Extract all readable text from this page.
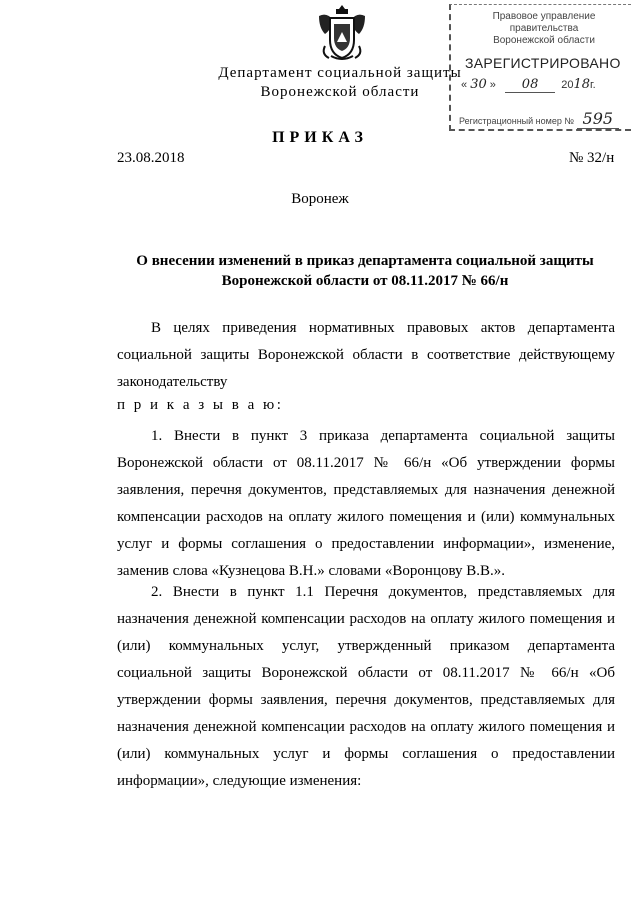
Департамент социальной защиты
Воронежской области
Правовое управление правительства
Воронежской области
ЗАРЕГИСТРИРОВАНО
« 30 »   08 2018г.
Регистрационный номер № 595
ПРИКАЗ
23.08.2018	№ 32/н
Воронеж
О внесении изменений в приказ департамента социальной защиты Воронежской области от 08.11.2017 № 66/н
В целях приведения нормативных правовых актов департамента социальной защиты Воронежской области в соответствие действующему законодательству
п р и к а з ы в а ю:
1. Внести в пункт 3 приказа департамента социальной защиты Воронежской области от 08.11.2017 № 66/н «Об утверждении формы заявления, перечня документов, представляемых для назначения денежной компенсации расходов на оплату жилого помещения и (или) коммунальных услуг и формы соглашения о предоставлении информации», изменение, заменив слова «Кузнецова В.Н.» словами «Воронцову В.В.».
2. Внести в пункт 1.1 Перечня документов, представляемых для назначения денежной компенсации расходов на оплату жилого помещения и (или) коммунальных услуг, утвержденный приказом департамента социальной защиты Воронежской области от 08.11.2017 № 66/н «Об утверждении формы заявления, перечня документов, представляемых для назначения денежной компенсации расходов на оплату жилого помещения и (или) коммунальных услуг и формы соглашения о предоставлении информации», следующие изменения:
